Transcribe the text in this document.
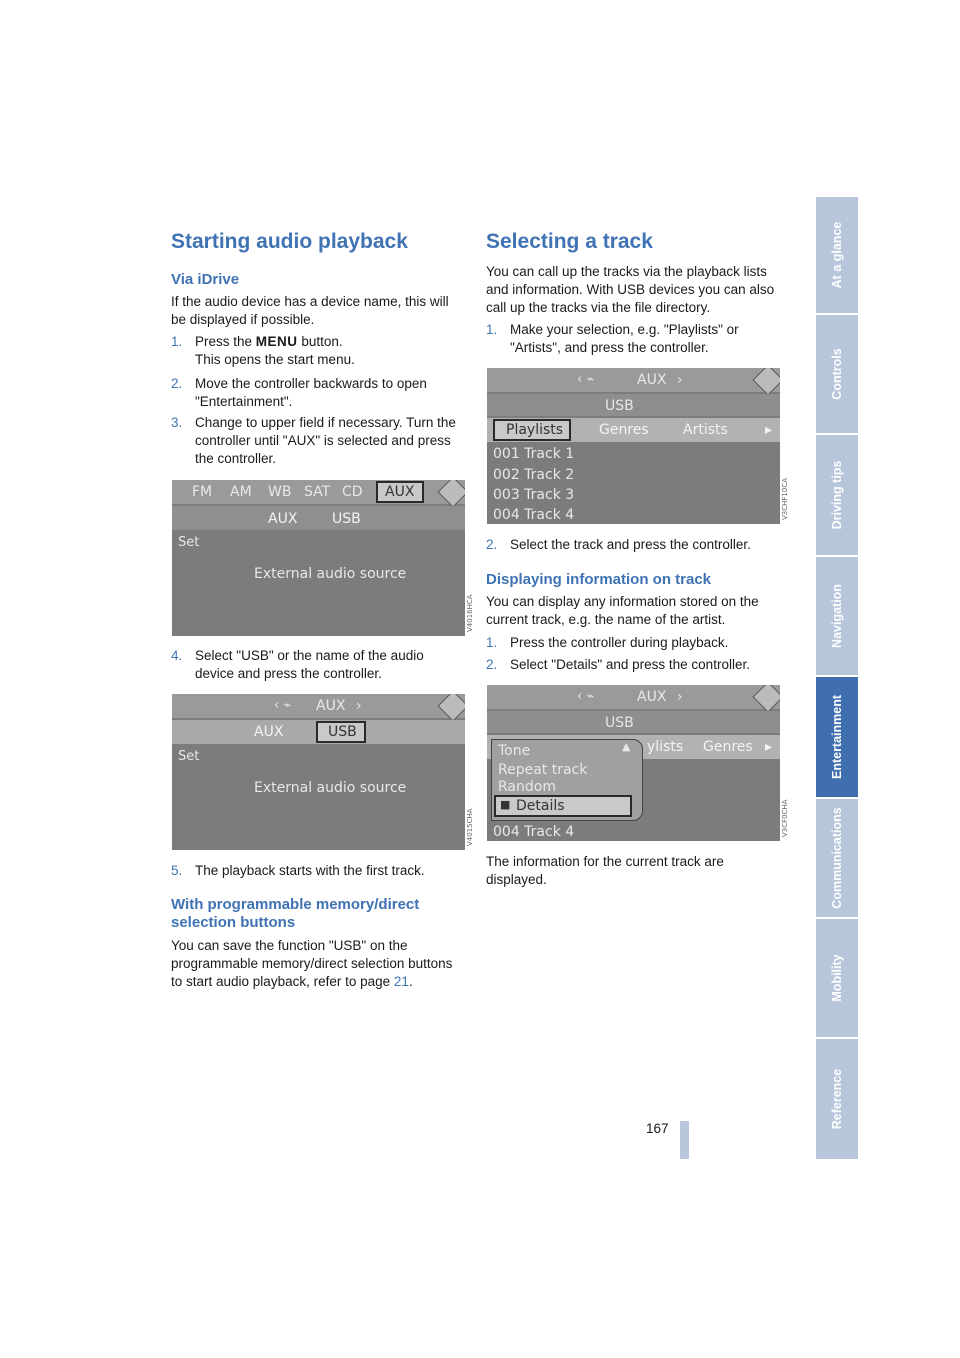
Starting audio playback
Via iDrive

If the audio device has a device name, this will be displayed if possible.

1. Press the MENU button.
This opens the start menu.
2. Move the controller backwards to open "Entertainment".
3. Change to upper field if necessary. Turn the controller until "AUX" is selected and press the controller.
FM AM WB SAT CD AUX
AUX USB
Set
External audio source
V4016HCA
4. Select "USB" or the name of the audio device and press the controller.
‹ ⌁ AUX ›
AUX	USB
Set
External audio source
V4015CHA
5. The playback starts with the first track.
With programmable memory/direct selection buttons

You can save the function "USB" on the programmable memory/direct selection buttons to start audio playback, refer to page 21.

Selecting a track

You can call up the tracks via the playback lists and information. With USB devices you can also call up the tracks via the file directory.

1. Make your selection, e.g. "Playlists" or "Artists", and press the controller.
‹ ⌁	AUX ›
USB
Playlists	Genres Artists	▸
001 Track 1
002 Track 2
003 Track 3
004 Track 4	V3CHF10CA
2. Select the track and press the controller.
Displaying information on track

You can display any information stored on the current track, e.g. the name of the artist.

1. Press the controller during playback.
2. Select "Details" and press the controller.
‹ ⌁	AUX ›
USB
ylists Genres ▸
Tone	▲
Repeat track
Random
■ Details
004 Track 4	V3CF0CHA

The information for the current track are displayed.

At a glance
Controls
Driving tips
Navigation
Entertainment
Communications
Mobility
Reference
167
